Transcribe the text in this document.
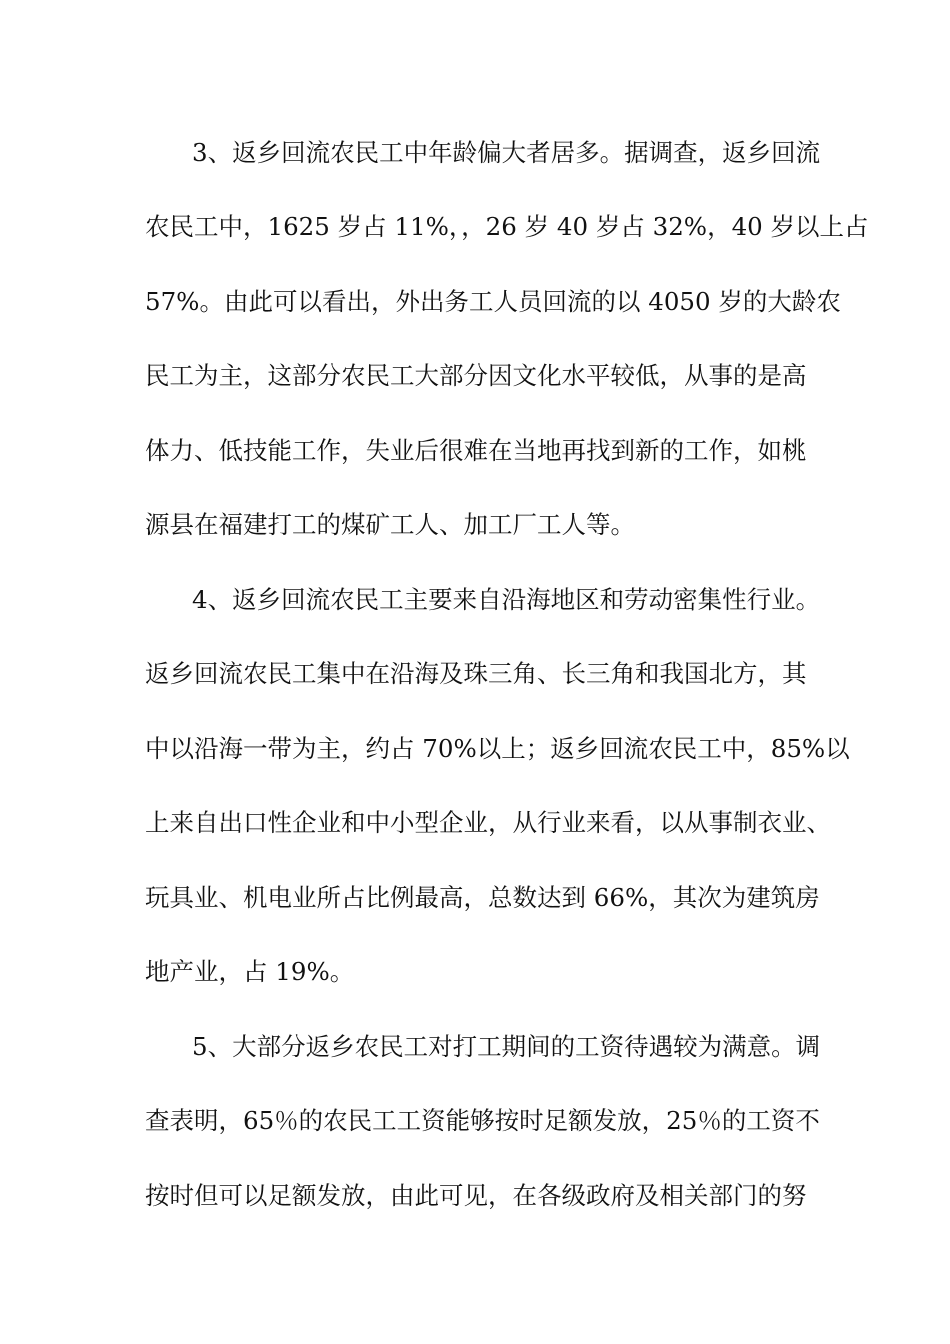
3、返乡回流农民工中年龄偏大者居多。据调查，返乡回流
农民工中，1625 岁占 11%，，26 岁 40 岁占 32%，40 岁以上占
57%。由此可以看出，外出务工人员回流的以 4050 岁的大龄农
民工为主，这部分农民工大部分因文化水平较低，从事的是高
体力、低技能工作，失业后很难在当地再找到新的工作，如桃
源县在福建打工的煤矿工人、加工厂工人等。
4、返乡回流农民工主要来自沿海地区和劳动密集性行业。
返乡回流农民工集中在沿海及珠三角、长三角和我国北方，其
中以沿海一带为主，约占 70%以上；返乡回流农民工中，85%以
上来自出口性企业和中小型企业，从行业来看，以从事制衣业、
玩具业、机电业所占比例最高，总数达到 66%，其次为建筑房
地产业，占 19%。
5、大部分返乡农民工对打工期间的工资待遇较为满意。调
查表明，65％的农民工工资能够按时足额发放，25％的工资不
按时但可以足额发放，由此可见，在各级政府及相关部门的努
